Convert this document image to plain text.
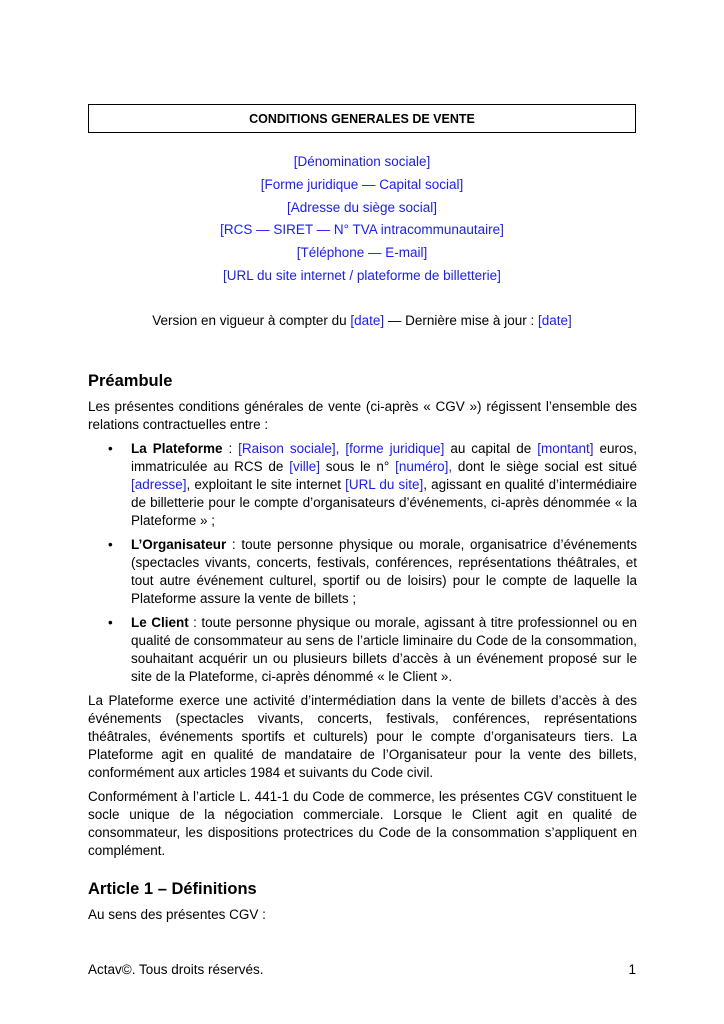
CONDITIONS GENERALES DE VENTE
[Dénomination sociale]
[Forme juridique — Capital social]
[Adresse du siège social]
[RCS — SIRET — N° TVA intracommunautaire]
[Téléphone — E-mail]
[URL du site internet / plateforme de billetterie]
Version en vigueur à compter du [date] — Dernière mise à jour : [date]
Préambule

Les présentes conditions générales de vente (ci-après « CGV ») régissent l’ensemble des relations contractuelles entre :

• La Plateforme : [Raison sociale], [forme juridique] au capital de [montant] euros, immatriculée au RCS de [ville] sous le n° [numéro], dont le siège social est situé [adresse], exploitant le site internet [URL du site], agissant en qualité d’intermédiaire de billetterie pour le compte d’organisateurs d’événements, ci-après dénommée « la Plateforme » ;
• L’Organisateur : toute personne physique ou morale, organisatrice d’événements (spectacles vivants, concerts, festivals, conférences, représentations théâtrales, et tout autre événement culturel, sportif ou de loisirs) pour le compte de laquelle la Plateforme assure la vente de billets ;
• Le Client : toute personne physique ou morale, agissant à titre professionnel ou en qualité de consommateur au sens de l’article liminaire du Code de la consommation, souhaitant acquérir un ou plusieurs billets d’accès à un événement proposé sur le site de la Plateforme, ci-après dénommé « le Client ».

La Plateforme exerce une activité d’intermédiation dans la vente de billets d’accès à des événements (spectacles vivants, concerts, festivals, conférences, représentations théâtrales, événements sportifs et culturels) pour le compte d’organisateurs tiers. La Plateforme agit en qualité de mandataire de l’Organisateur pour la vente des billets, conformément aux articles 1984 et suivants du Code civil.

Conformément à l’article L. 441-1 du Code de commerce, les présentes CGV constituent le socle unique de la négociation commerciale. Lorsque le Client agit en qualité de consommateur, les dispositions protectrices du Code de la consommation s’appliquent en complément.

Article 1 – Définitions

Au sens des présentes CGV :

Actav©. Tous droits réservés.	1
